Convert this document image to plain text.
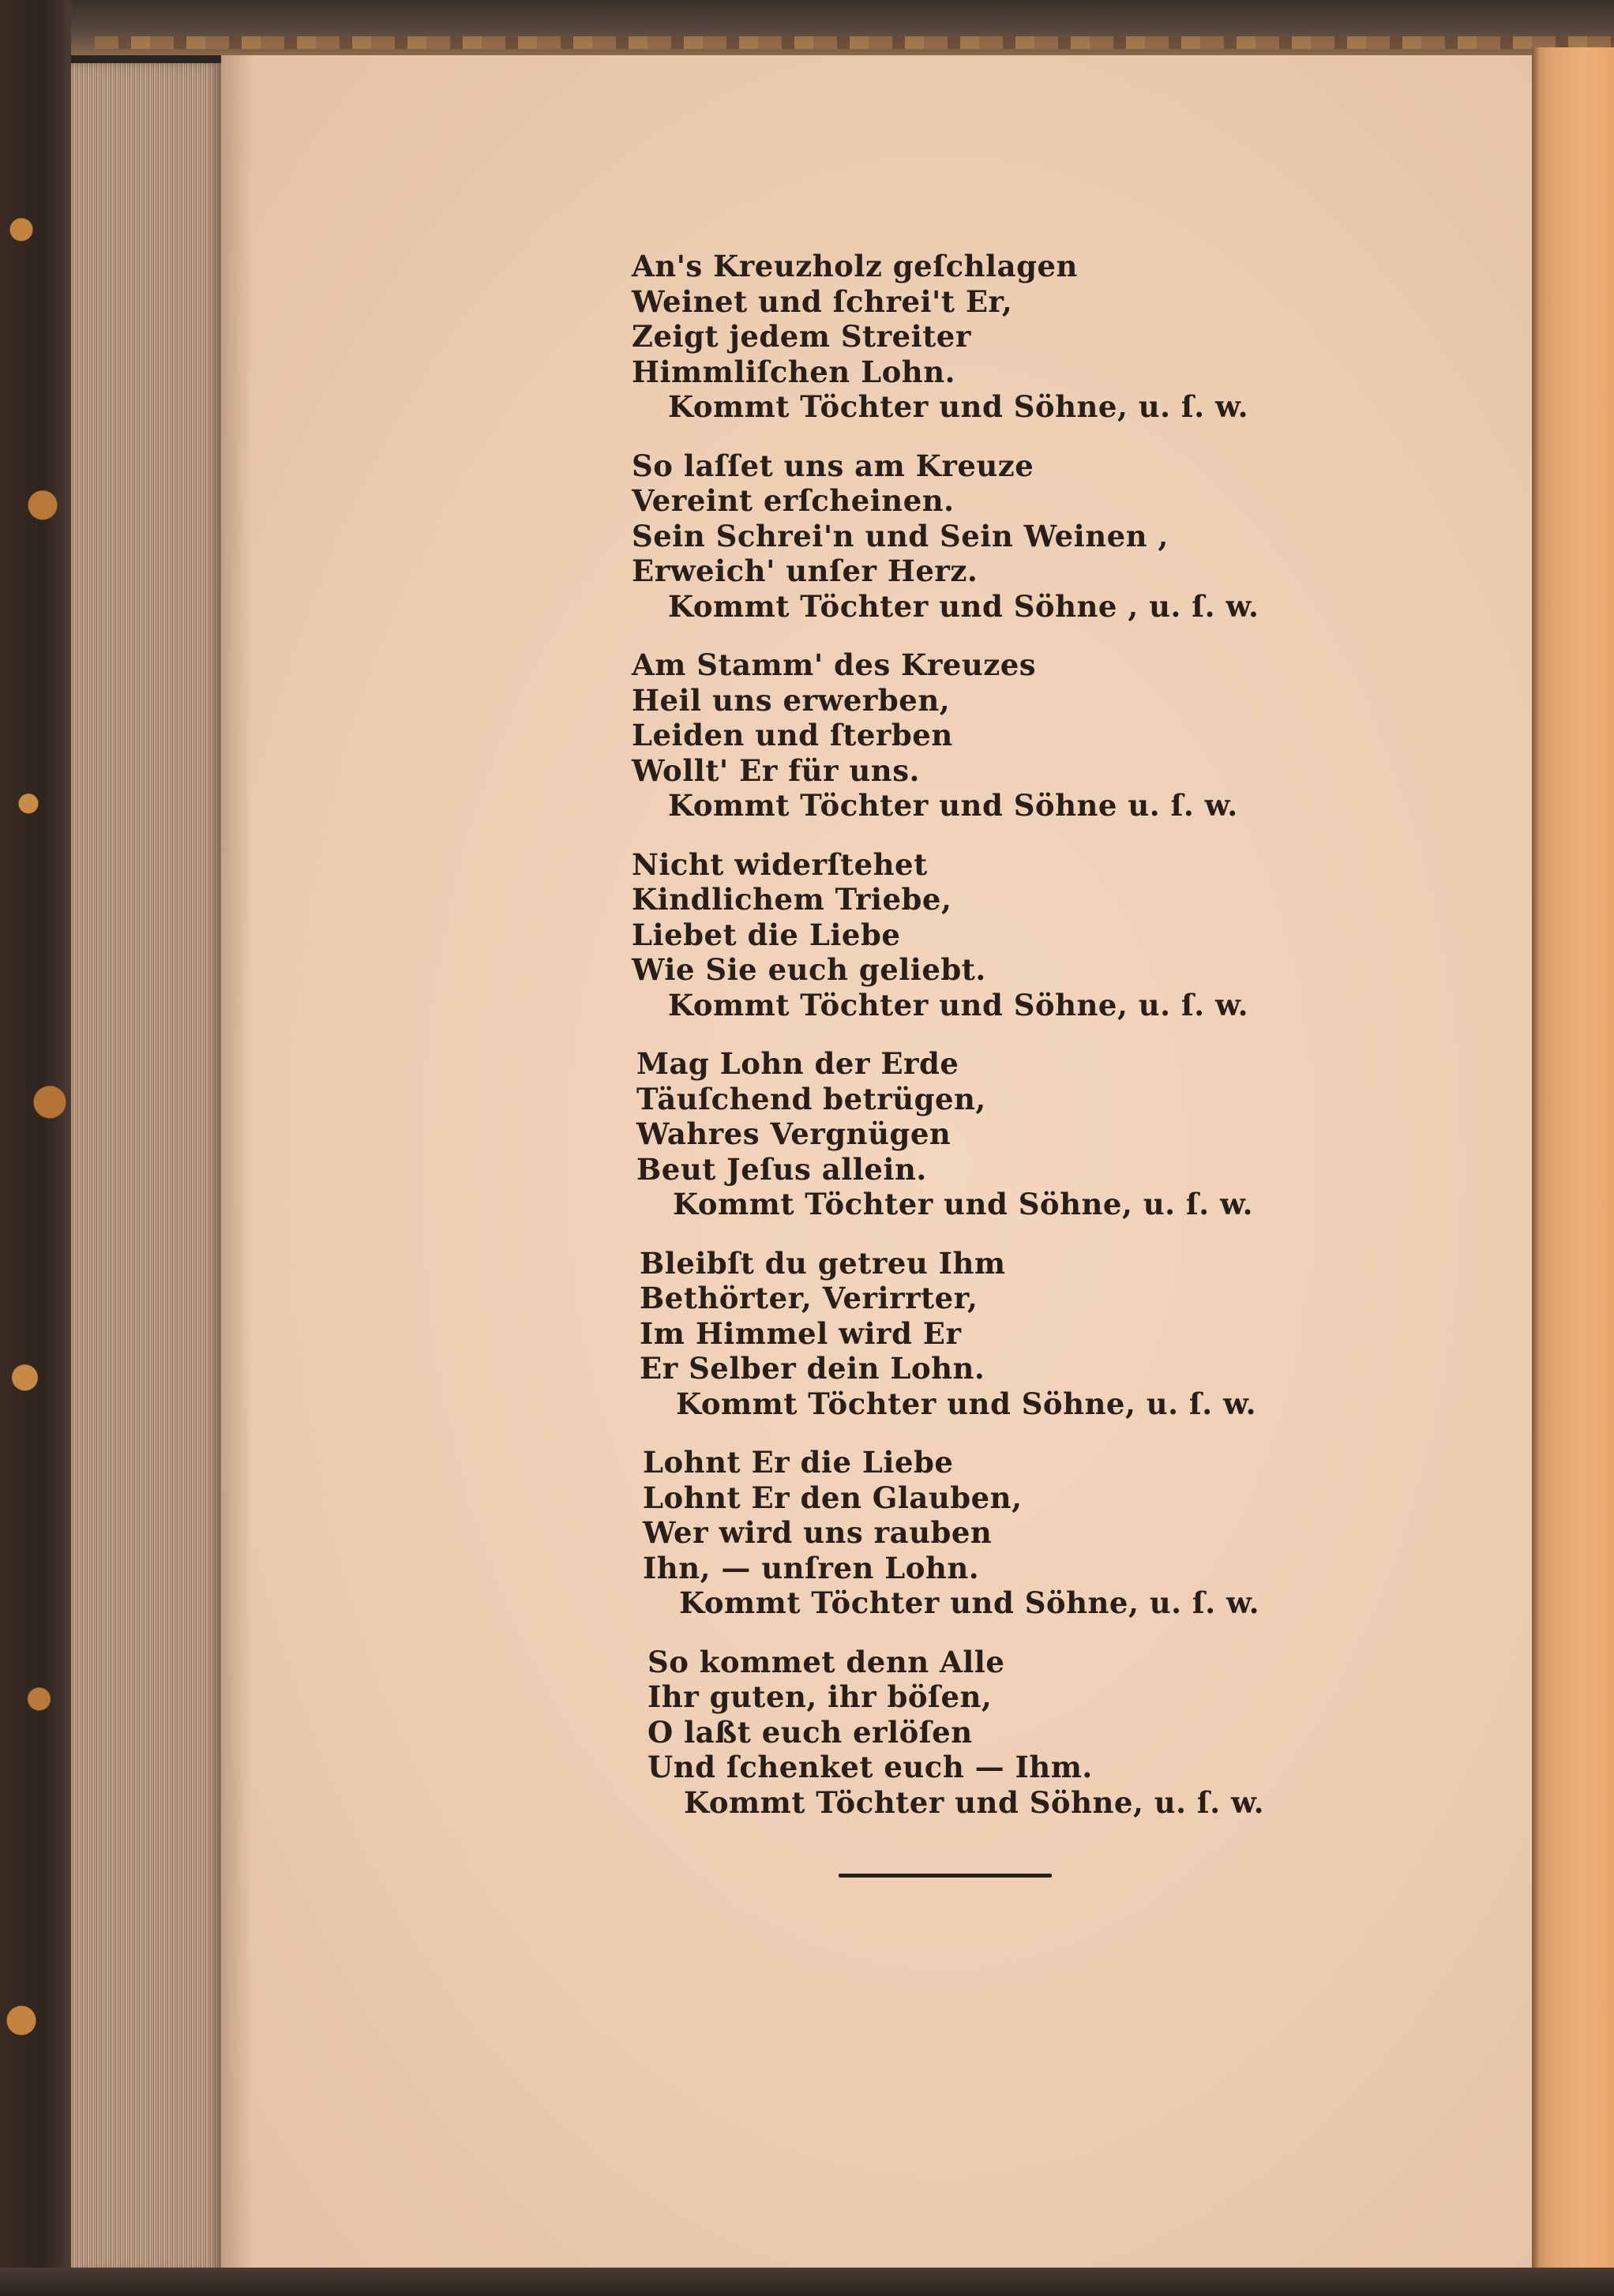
An's Kreuzholz geſchlagen
Weinet und ſchrei't Er,
Zeigt jedem Streiter
Himmliſchen Lohn.
Kommt Töchter und Söhne, u. ſ. w.
So laſſet uns am Kreuze
Vereint erſcheinen.
Sein Schrei'n und Sein Weinen ,
Erweich' unſer Herz.
Kommt Töchter und Söhne , u. ſ. w.
Am Stamm' des Kreuzes
Heil uns erwerben,
Leiden und ſterben
Wollt' Er für uns.
Kommt Töchter und Söhne u. ſ. w.
Nicht widerſtehet
Kindlichem Triebe,
Liebet die Liebe
Wie Sie euch geliebt.
Kommt Töchter und Söhne, u. ſ. w.
Mag Lohn der Erde
Täuſchend betrügen,
Wahres Vergnügen
Beut Jeſus allein.
Kommt Töchter und Söhne, u. ſ. w.
Bleibſt du getreu Ihm
Bethörter, Verirrter,
Im Himmel wird Er
Er Selber dein Lohn.
Kommt Töchter und Söhne, u. ſ. w.
Lohnt Er die Liebe
Lohnt Er den Glauben,
Wer wird uns rauben
Ihn, — unſren Lohn.
Kommt Töchter und Söhne, u. ſ. w.
So kommet denn Alle
Ihr guten, ihr böſen,
O laßt euch erlöſen
Und ſchenket euch — Ihm.
Kommt Töchter und Söhne, u. ſ. w.
